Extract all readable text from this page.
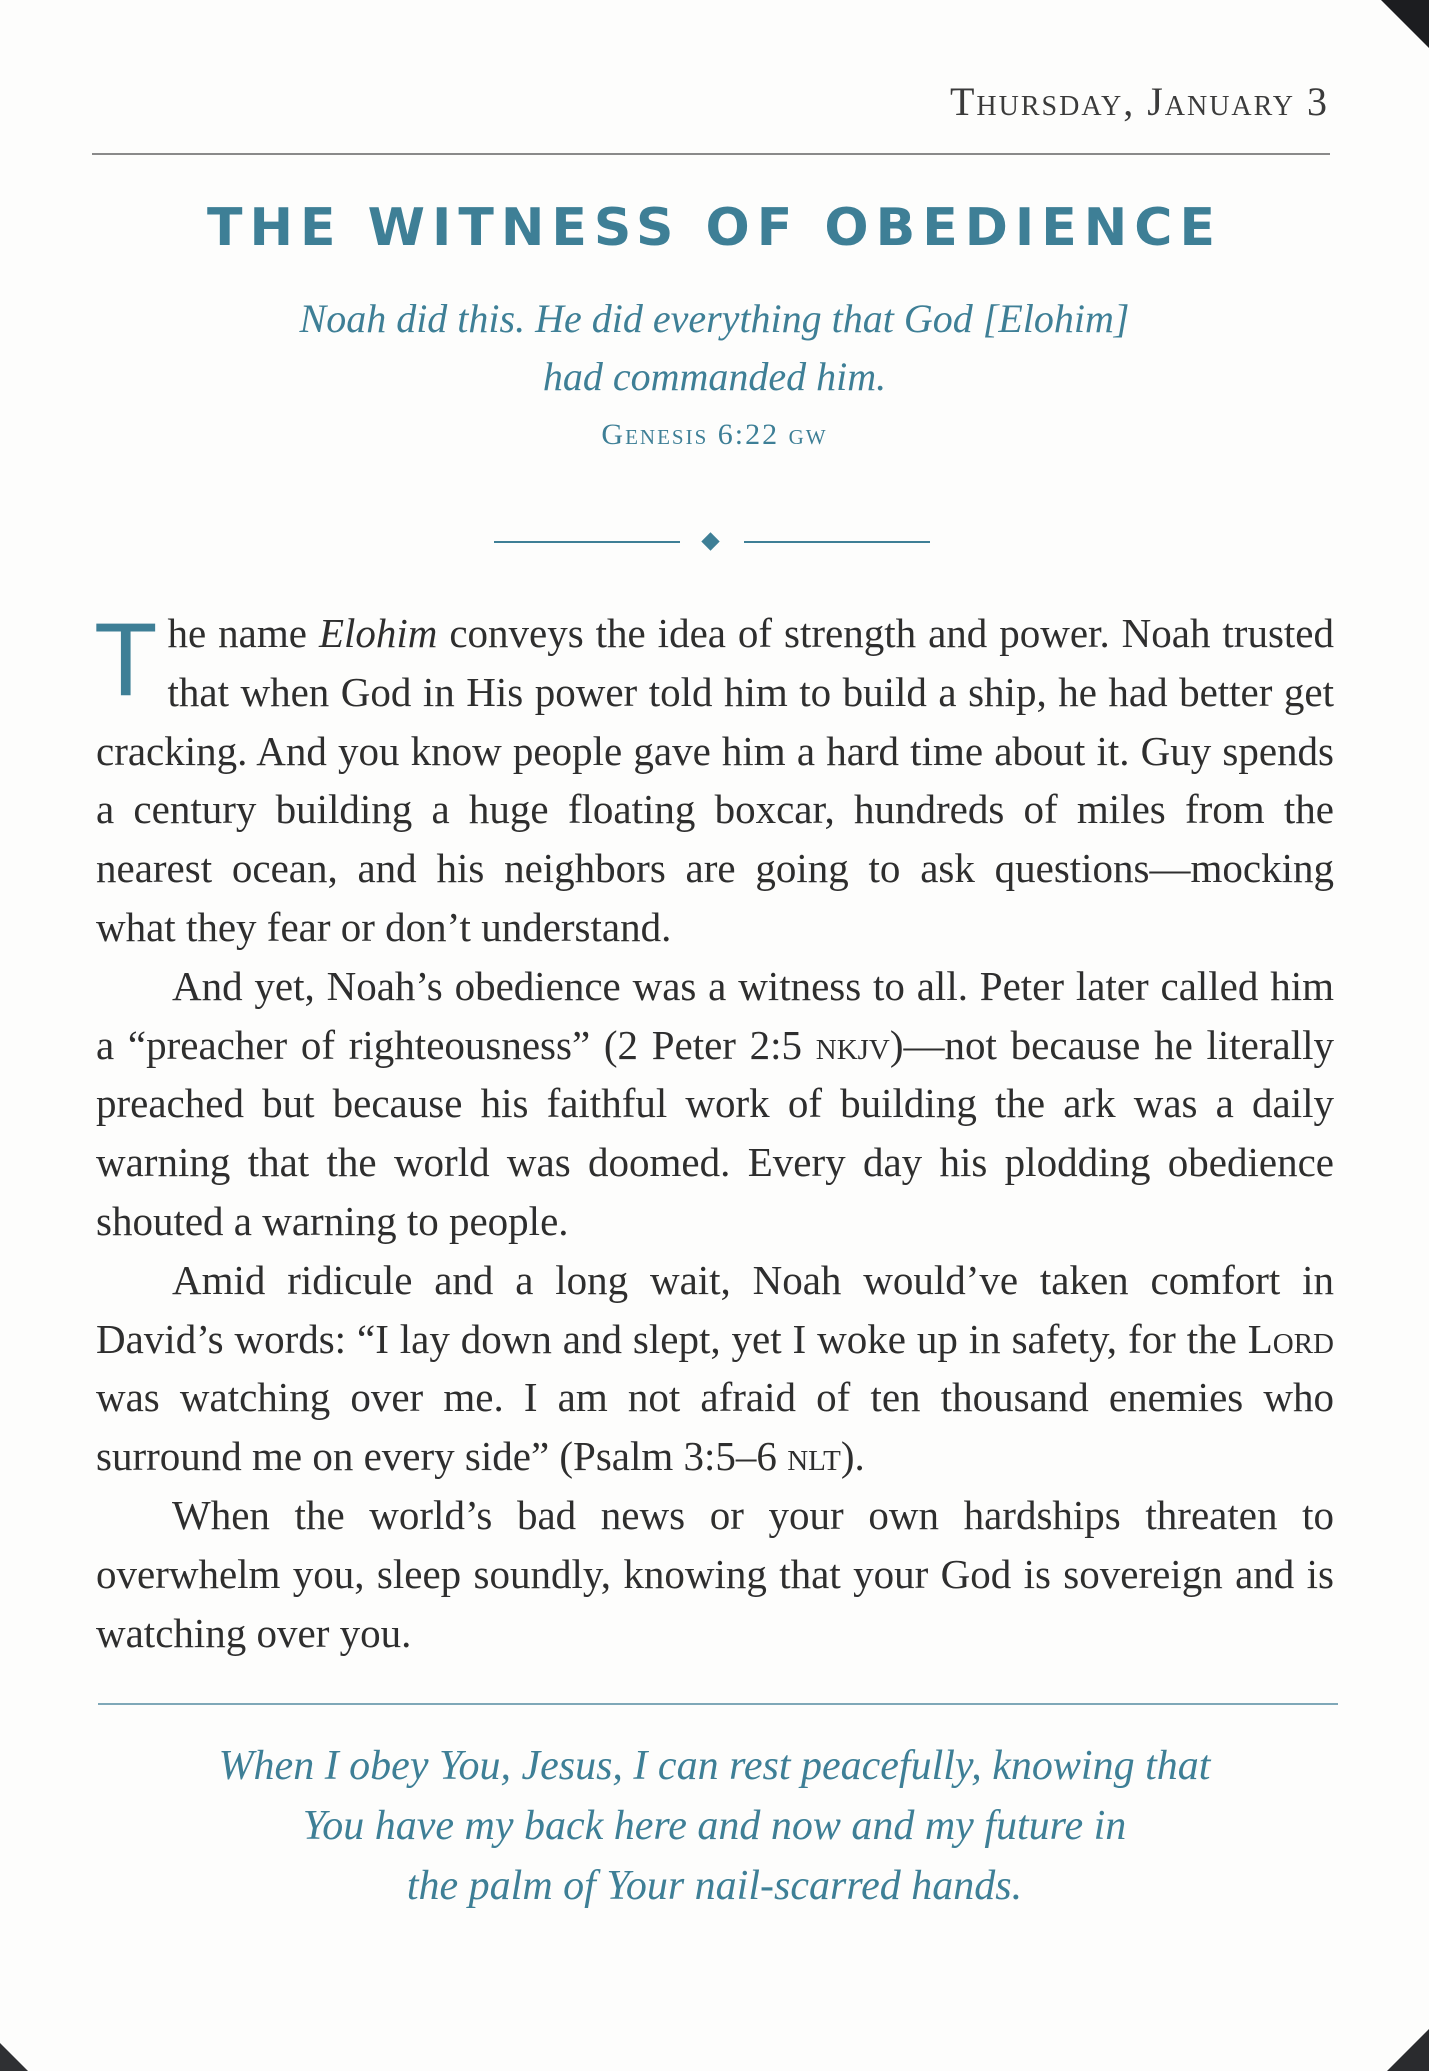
Thursday, January 3
THE WITNESS OF OBEDIENCE
Noah did this. He did everything that God [Elohim]
had commanded him.
Genesis 6:22 gw

The name Elohim conveys the idea of strength and power. Noah trusted that when God in His power told him to build a ship, he had better get cracking. And you know people gave him a hard time about it. Guy spends a century building a huge floating boxcar, hundreds of miles from the nearest ocean, and his neighbors are going to ask questions—mocking what they fear or don’t understand.

And yet, Noah’s obedience was a witness to all. Peter later called him a “preacher of righteousness” (2 Peter 2:5 nkjv)—not because he literally preached but because his faithful work of building the ark was a daily warning that the world was doomed. Every day his plodding obedience shouted a warning to people.

Amid ridicule and a long wait, Noah would’ve taken comfort in David’s words: “I lay down and slept, yet I woke up in safety, for the Lord was watching over me. I am not afraid of ten thousand enemies who surround me on every side” (Psalm 3:5–6 nlt).

When the world’s bad news or your own hardships threaten to overwhelm you, sleep soundly, knowing that your God is sovereign and is watching over you.

When I obey You, Jesus, I can rest peacefully, knowing that
You have my back here and now and my future in
the palm of Your nail-scarred hands.
